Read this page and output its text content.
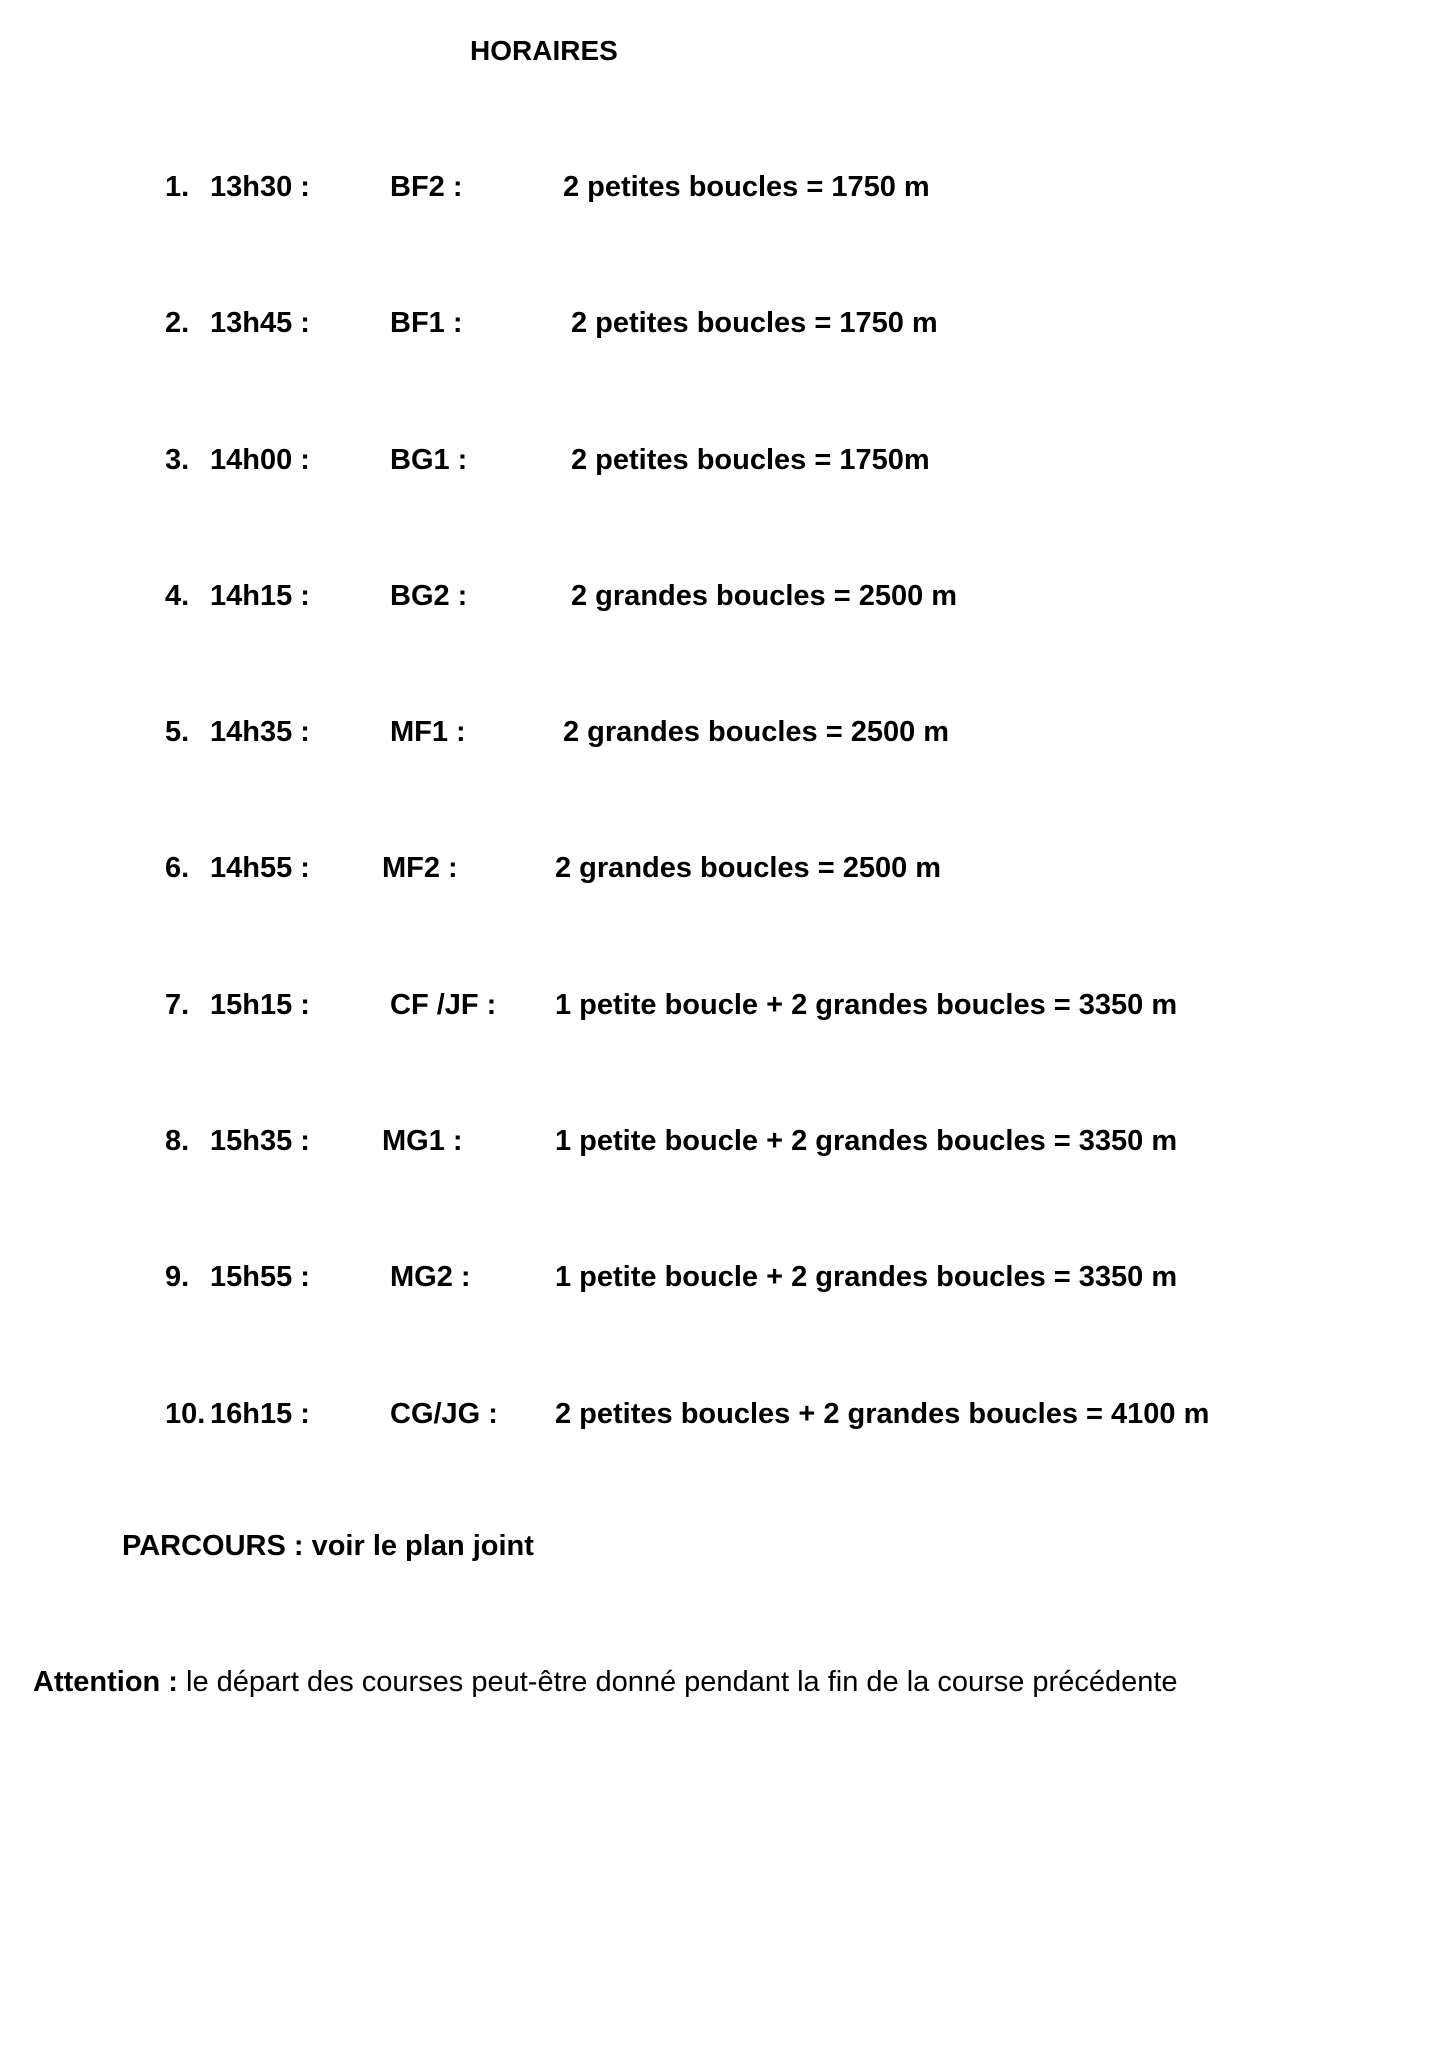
HORAIRES
1. 13h30 :	BF2 :	2 petites boucles = 1750 m
2. 13h45 :	BF1 :	2 petites boucles = 1750 m
3. 14h00 :	BG1 :	2 petites boucles = 1750m
4. 14h15 :	BG2 :	2 grandes boucles = 2500 m
5. 14h35 :	MF1 :	2 grandes boucles = 2500 m
6. 14h55 : MF2 :	2 grandes boucles = 2500 m
7. 15h15 :	CF /JF : 1 petite boucle + 2 grandes boucles = 3350 m
8. 15h35 : MG1 :	1 petite boucle + 2 grandes boucles = 3350 m
9. 15h55 :	MG2 :	1 petite boucle + 2 grandes boucles = 3350 m
10. 16h15 :	CG/JG : 2 petites boucles + 2 grandes boucles = 4100 m
PARCOURS : voir le plan joint
Attention : le départ des courses peut-être donné pendant la fin de la course précédente
